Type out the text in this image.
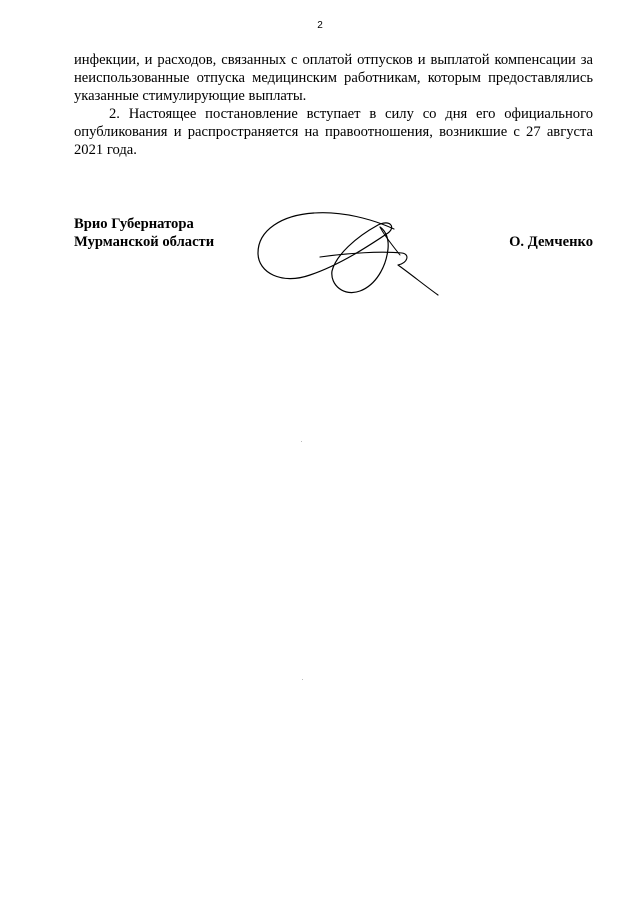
2

инфекции, и расходов, связанных с оплатой отпусков и выплатой компенсации за неиспользованные отпуска медицинским работникам, которым предоставлялись указанные стимулирующие выплаты.

2. Настоящее постановление вступает в силу со дня его официального опубликования и распространяется на правоотношения, возникшие с 27 августа 2021 года.

Врио Губернатора
Мурманской области	О. Демченко
